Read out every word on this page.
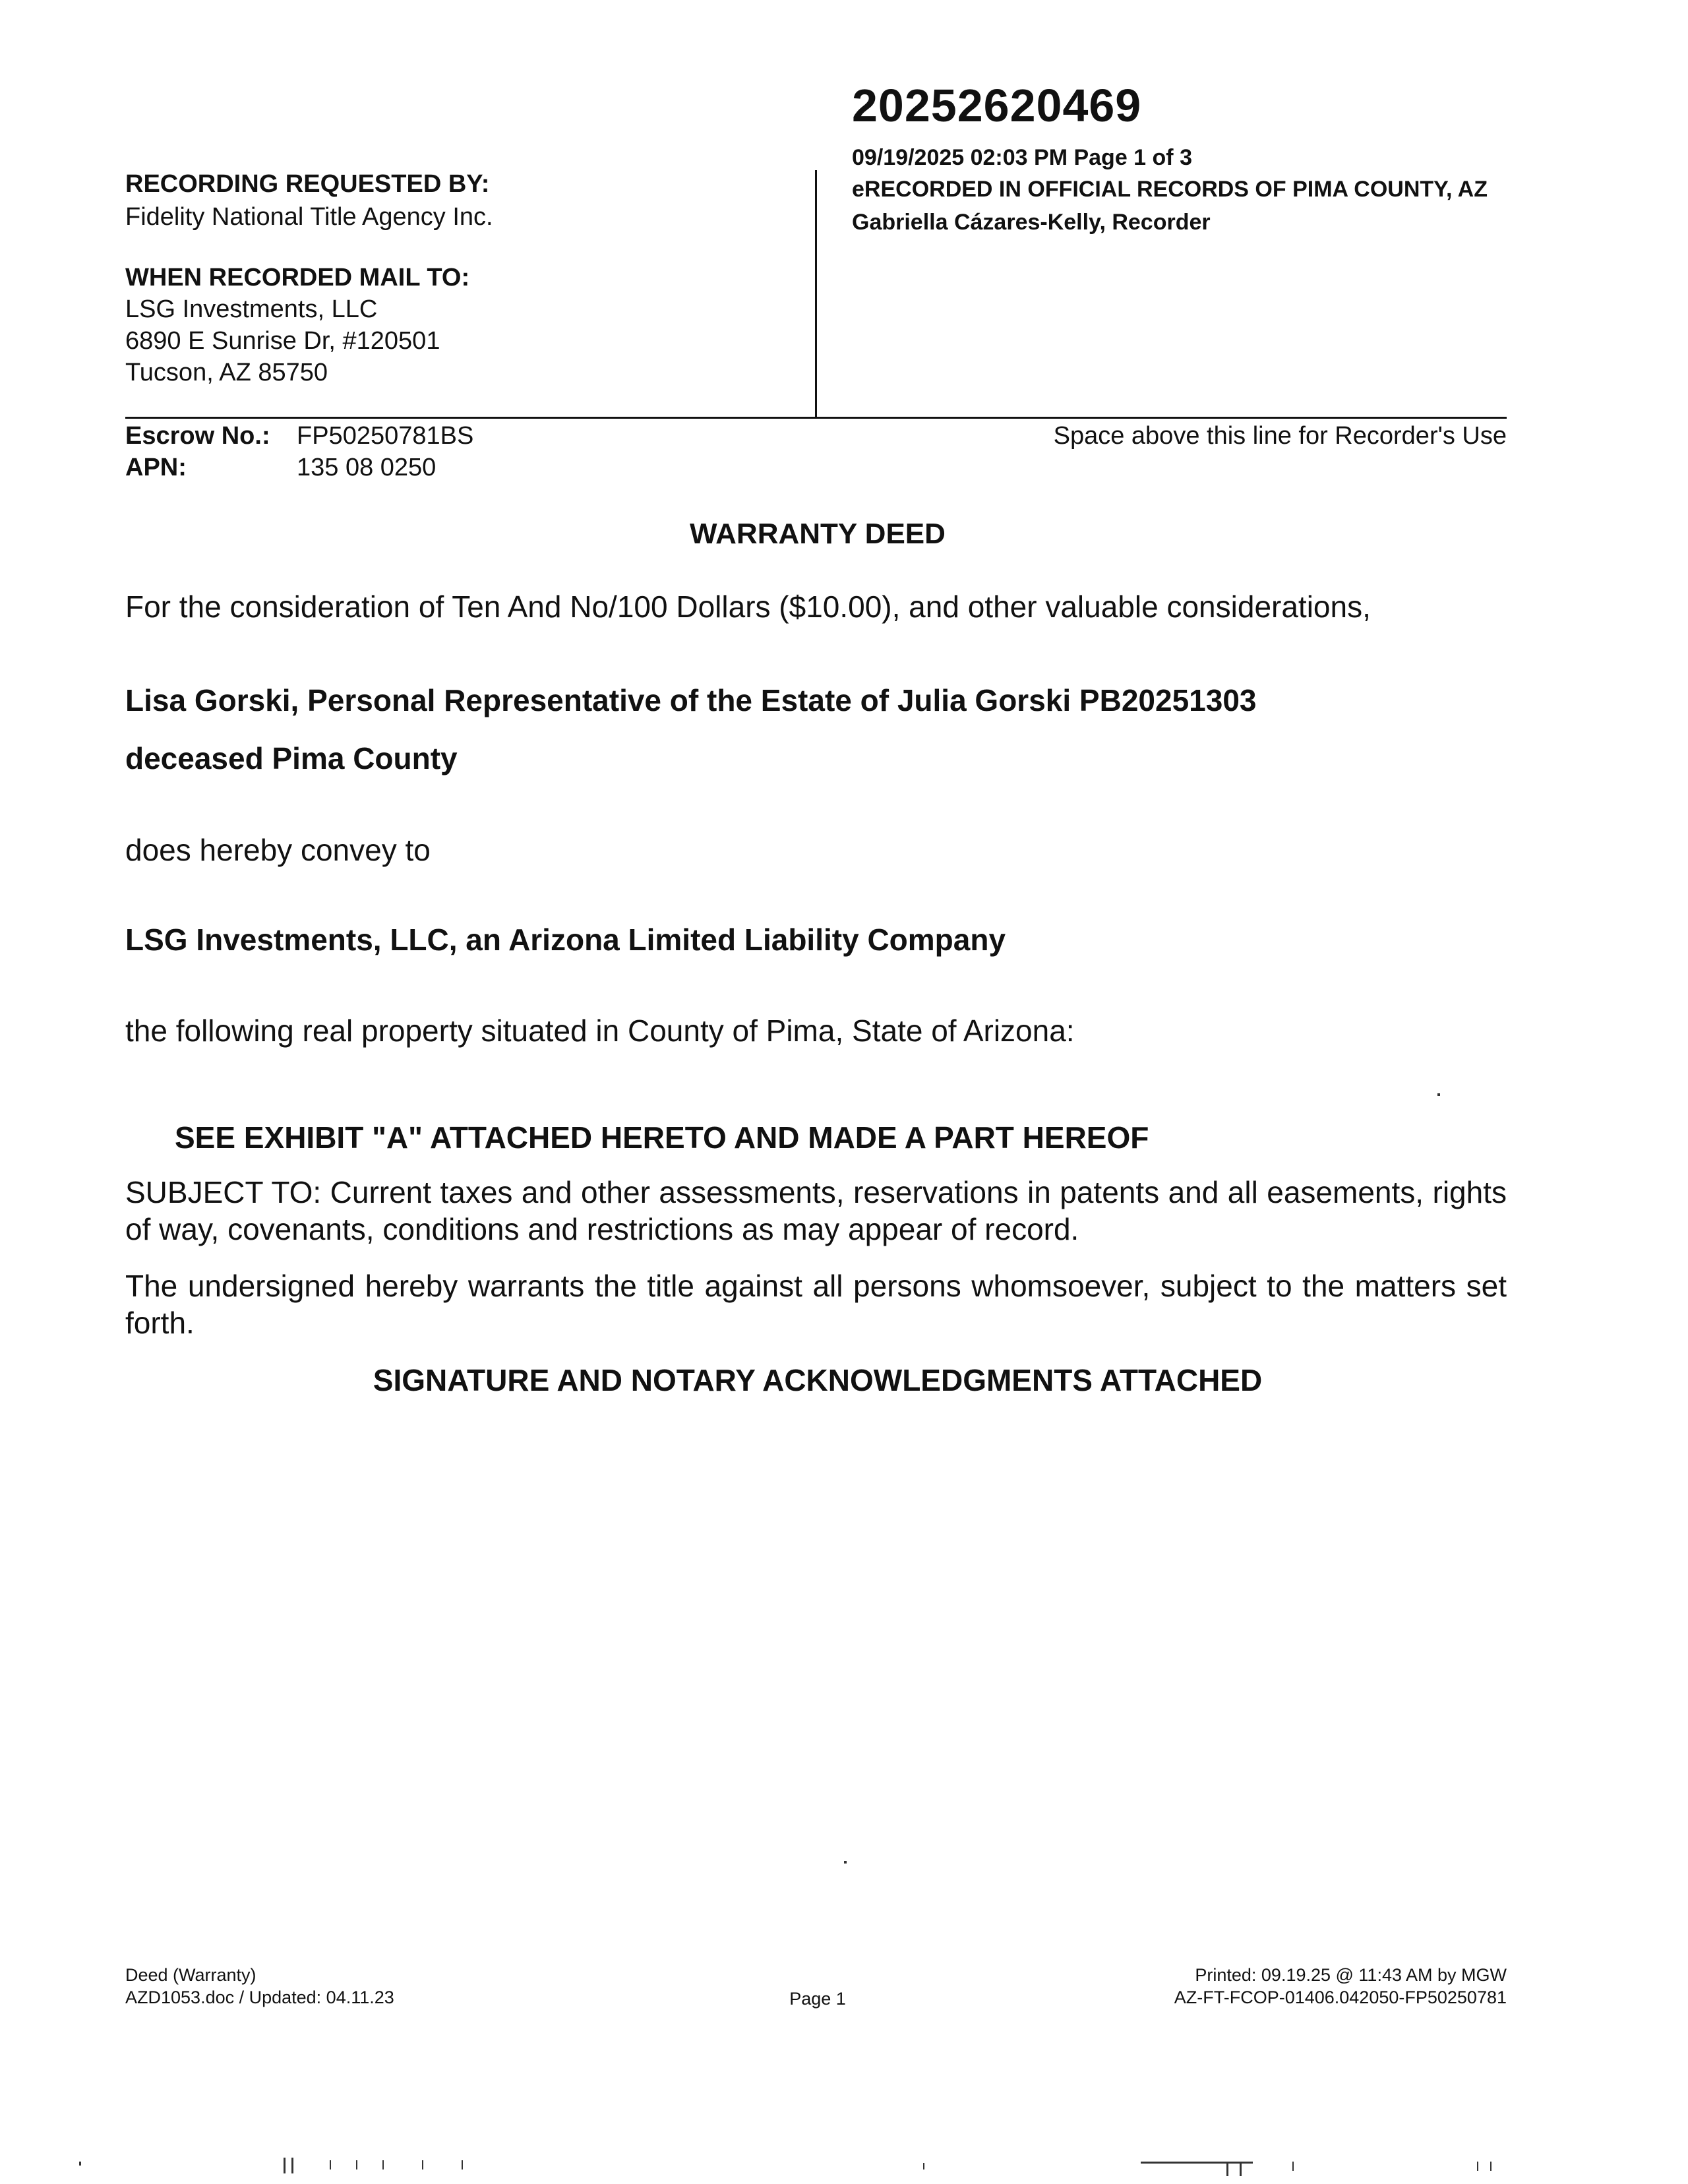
20252620469
09/19/2025 02:03 PM Page 1 of 3
eRECORDED IN OFFICIAL RECORDS OF PIMA COUNTY, AZ
Gabriella Cázares-Kelly, Recorder
RECORDING REQUESTED BY:
Fidelity National Title Agency Inc.
WHEN RECORDED MAIL TO:
LSG Investments, LLC
6890 E Sunrise Dr, #120501
Tucson, AZ 85750
Escrow No.: FP50250781BS
APN:	135 08 0250
Space above this line for Recorder's Use
WARRANTY DEED
For the consideration of Ten And No/100 Dollars ($10.00), and other valuable considerations,
Lisa Gorski, Personal Representative of the Estate of Julia Gorski PB20251303
deceased Pima County
does hereby convey to
LSG Investments, LLC, an Arizona Limited Liability Company
the following real property situated in County of Pima, State of Arizona:
SEE EXHIBIT "A" ATTACHED HERETO AND MADE A PART HEREOF
SUBJECT TO: Current taxes and other assessments, reservations in patents and all easements, rights of way, covenants, conditions and restrictions as may appear of record.
The undersigned hereby warrants the title against all persons whomsoever, subject to the matters set forth.
SIGNATURE AND NOTARY ACKNOWLEDGMENTS ATTACHED
Deed (Warranty)
AZD1053.doc / Updated: 04.11.23	Page 1
Printed: 09.19.25 @ 11:43 AM by MGW
AZ-FT-FCOP-01406.042050-FP50250781
